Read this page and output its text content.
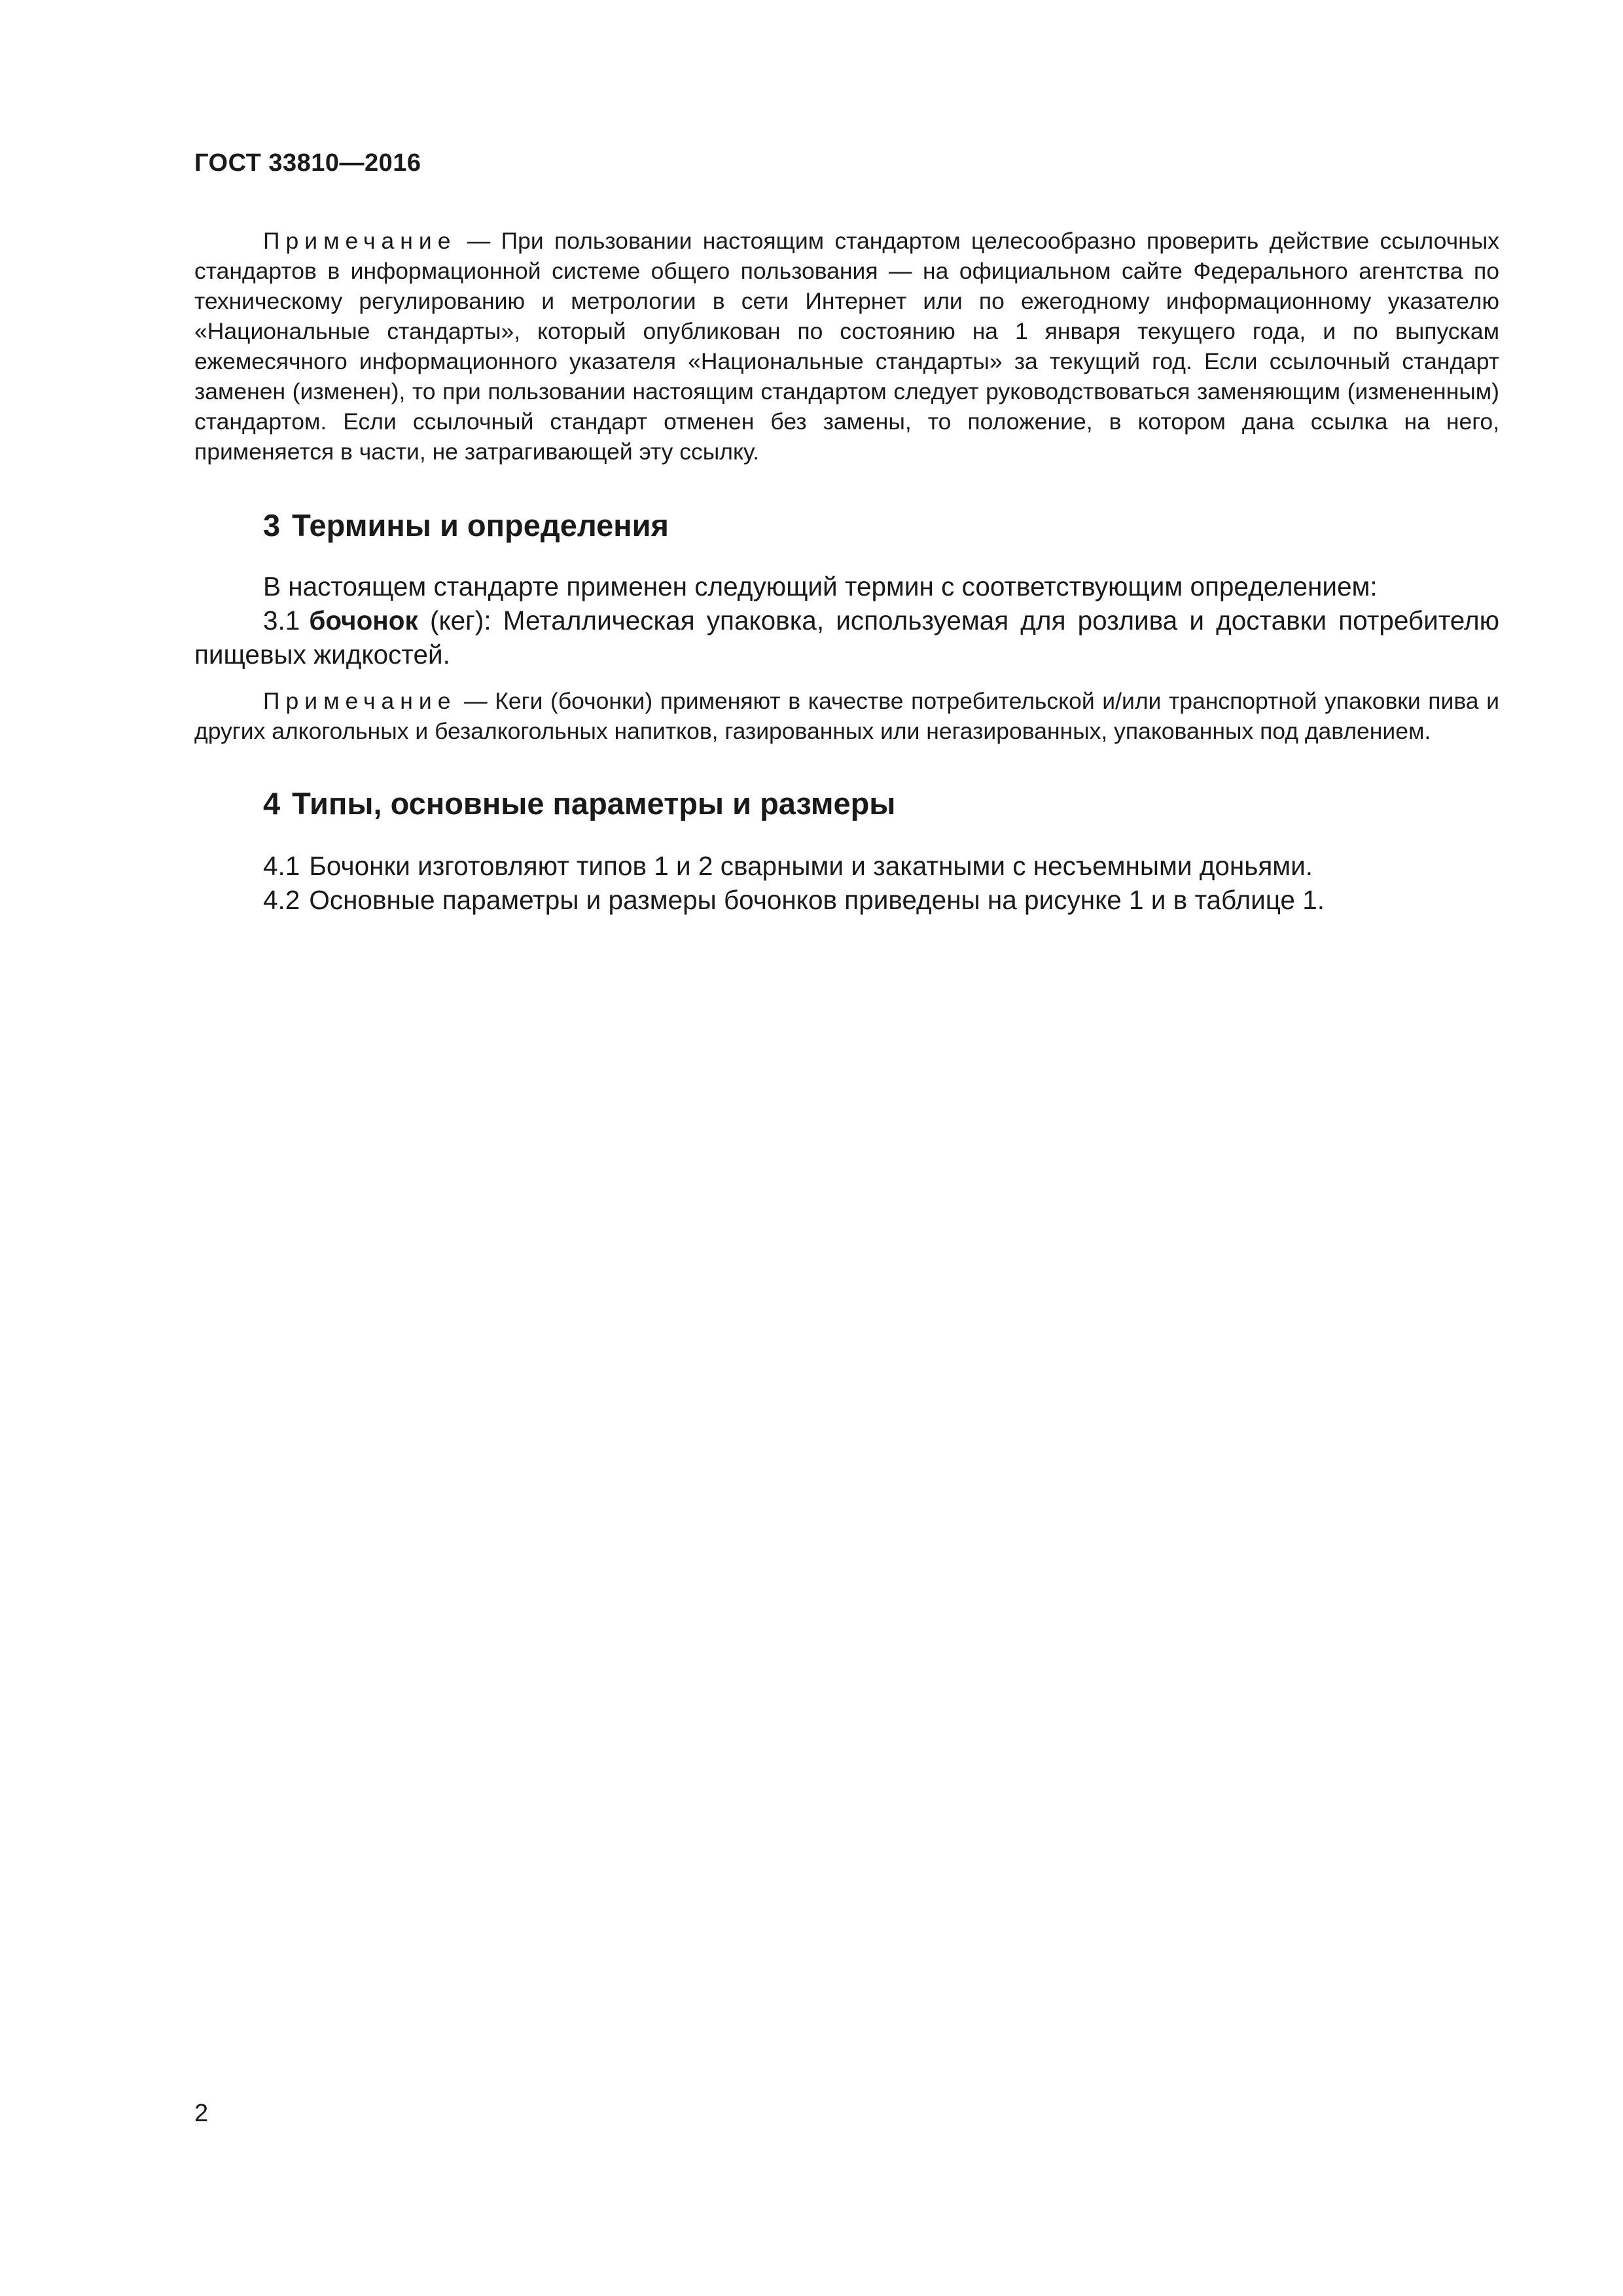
ГОСТ 33810—2016

Примечание — При пользовании настоящим стандартом целесообразно проверить действие ссылочных стандартов в информационной системе общего пользования — на официальном сайте Федерального агентства по техническому регулированию и метрологии в сети Интернет или по ежегодному информационному указателю «Национальные стандарты», который опубликован по состоянию на 1 января текущего года, и по выпускам ежемесячного информационного указателя «Национальные стандарты» за текущий год. Если ссылочный стандарт заменен (изменен), то при пользовании настоящим стандартом следует руководствоваться заменяющим (измененным) стандартом. Если ссылочный стандарт отменен без замены, то положение, в котором дана ссылка на него, применяется в части, не затрагивающей эту ссылку.

3 Термины и определения

В настоящем стандарте применен следующий термин с соответствующим определением:

3.1 бочонок (кег): Металлическая упаковка, используемая для розлива и доставки потребителю пищевых жидкостей.

Примечание — Кеги (бочонки) применяют в качестве потребительской и/или транспортной упаковки пива и других алкогольных и безалкогольных напитков, газированных или негазированных, упакованных под давлением.

4 Типы, основные параметры и размеры

4.1 Бочонки изготовляют типов 1 и 2 сварными и закатными с несъемными доньями.

4.2 Основные параметры и размеры бочонков приведены на рисунке 1 и в таблице 1.

2
